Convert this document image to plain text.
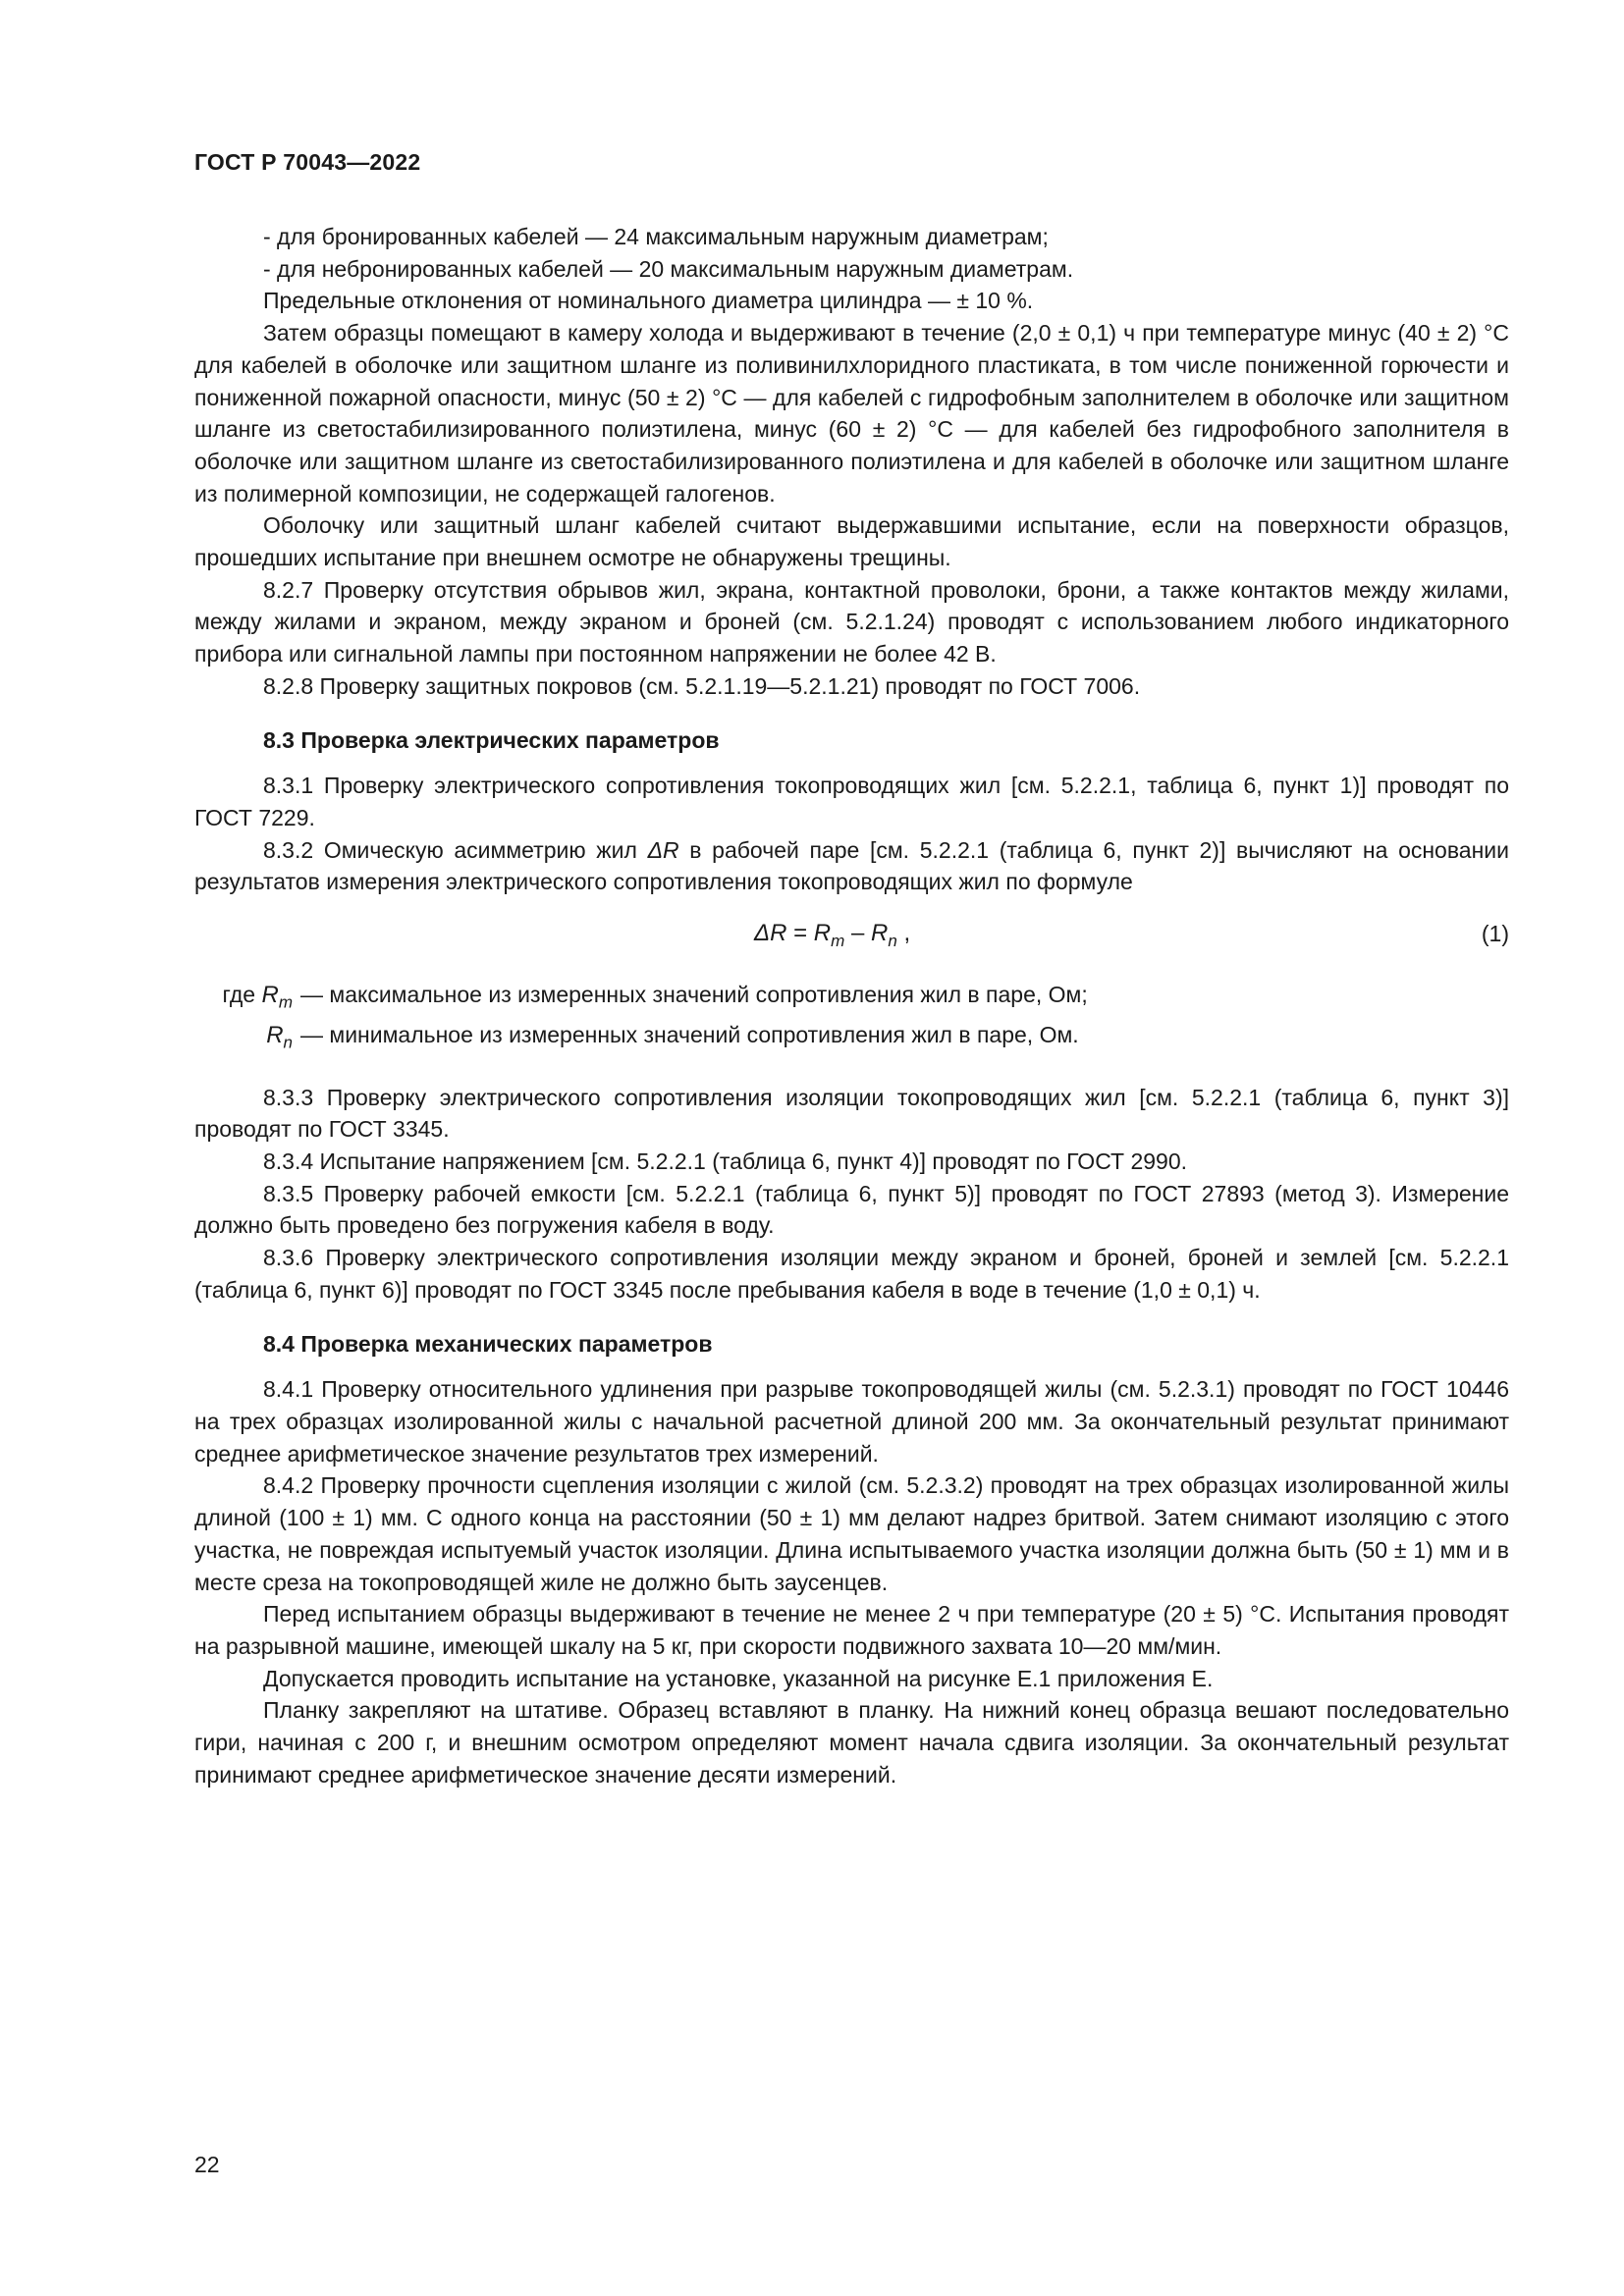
ГОСТ Р 70043—2022

- для бронированных кабелей — 24 максимальным наружным диаметрам;

- для небронированных кабелей — 20 максимальным наружным диаметрам.

Предельные отклонения от номинального диаметра цилиндра — ± 10 %.

Затем образцы помещают в камеру холода и выдерживают в течение (2,0 ± 0,1) ч при температуре минус (40 ± 2) °С для кабелей в оболочке или защитном шланге из поливинилхлоридного пластиката, в том числе пониженной горючести и пониженной пожарной опасности, минус (50 ± 2) °С — для кабелей с гидрофобным заполнителем в оболочке или защитном шланге из светостабилизированного полиэтилена, минус (60 ± 2) °С — для кабелей без гидрофобного заполнителя в оболочке или защитном шланге из светостабилизированного полиэтилена и для кабелей в оболочке или защитном шланге из полимерной композиции, не содержащей галогенов.

Оболочку или защитный шланг кабелей считают выдержавшими испытание, если на поверхности образцов, прошедших испытание при внешнем осмотре не обнаружены трещины.

8.2.7 Проверку отсутствия обрывов жил, экрана, контактной проволоки, брони, а также контактов между жилами, между жилами и экраном, между экраном и броней (см. 5.2.1.24) проводят с использованием любого индикаторного прибора или сигнальной лампы при постоянном напряжении не более 42 В.

8.2.8 Проверку защитных покровов (см. 5.2.1.19—5.2.1.21) проводят по ГОСТ 7006.

8.3 Проверка электрических параметров

8.3.1 Проверку электрического сопротивления токопроводящих жил [см. 5.2.2.1, таблица 6, пункт 1)] проводят по ГОСТ 7229.

8.3.2 Омическую асимметрию жил ΔR в рабочей паре [см. 5.2.2.1 (таблица 6, пункт 2)] вычисляют на основании результатов измерения электрического сопротивления токопроводящих жил по формуле

$\Delta R = R_m - R_n$ ,	(1)
где $R_m$ — максимальное из измеренных значений сопротивления жил в паре, Ом;
$R_n$ — минимальное из измеренных значений сопротивления жил в паре, Ом.

8.3.3 Проверку электрического сопротивления изоляции токопроводящих жил [см. 5.2.2.1 (таблица 6, пункт 3)] проводят по ГОСТ 3345.

8.3.4 Испытание напряжением [см. 5.2.2.1 (таблица 6, пункт 4)] проводят по ГОСТ 2990.

8.3.5 Проверку рабочей емкости [см. 5.2.2.1 (таблица 6, пункт 5)] проводят по ГОСТ 27893 (метод 3). Измерение должно быть проведено без погружения кабеля в воду.

8.3.6 Проверку электрического сопротивления изоляции между экраном и броней, броней и землей [см. 5.2.2.1 (таблица 6, пункт 6)] проводят по ГОСТ 3345 после пребывания кабеля в воде в течение (1,0 ± 0,1) ч.

8.4 Проверка механических параметров

8.4.1 Проверку относительного удлинения при разрыве токопроводящей жилы (см. 5.2.3.1) проводят по ГОСТ 10446 на трех образцах изолированной жилы с начальной расчетной длиной 200 мм. За окончательный результат принимают среднее арифметическое значение результатов трех измерений.

8.4.2 Проверку прочности сцепления изоляции с жилой (см. 5.2.3.2) проводят на трех образцах изолированной жилы длиной (100 ± 1) мм. С одного конца на расстоянии (50 ± 1) мм делают надрез бритвой. Затем снимают изоляцию с этого участка, не повреждая испытуемый участок изоляции. Длина испытываемого участка изоляции должна быть (50 ± 1) мм и в месте среза на токопроводящей жиле не должно быть заусенцев.

Перед испытанием образцы выдерживают в течение не менее 2 ч при температуре (20 ± 5) °С. Испытания проводят на разрывной машине, имеющей шкалу на 5 кг, при скорости подвижного захвата 10—20 мм/мин.

Допускается проводить испытание на установке, указанной на рисунке Е.1 приложения Е.

Планку закрепляют на штативе. Образец вставляют в планку. На нижний конец образца вешают последовательно гири, начиная с 200 г, и внешним осмотром определяют момент начала сдвига изоляции. За окончательный результат принимают среднее арифметическое значение десяти измерений.

22
